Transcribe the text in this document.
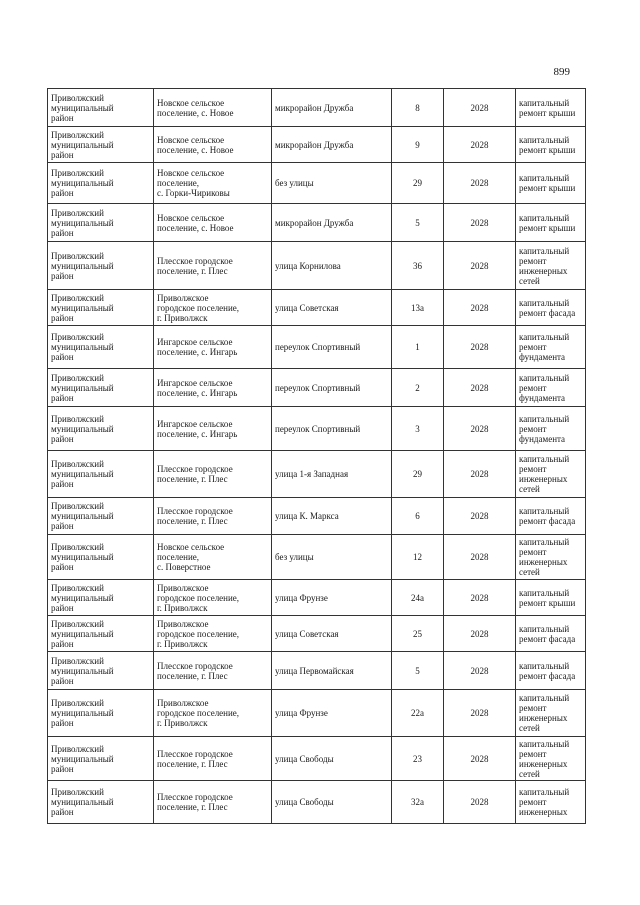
899
Приволжский
муниципальный
район	Новское сельское
поселение, с. Новое	микрорайон Дружба	8	2028	капитальный
ремонт крыши
Приволжский
муниципальный
район	Новское сельское
поселение, с. Новое	микрорайон Дружба	9	2028	капитальный
ремонт крыши
Приволжский
муниципальный
район	Новское сельское
поселение,
с. Горки-Чириковы	без улицы	29	2028	капитальный
ремонт крыши
Приволжский
муниципальный
район	Новское сельское
поселение, с. Новое	микрорайон Дружба	5	2028	капитальный
ремонт крыши
Приволжский
муниципальный
район	Плесское городское
поселение, г. Плес	улица Корнилова	36	2028	капитальный
ремонт
инженерных
сетей
Приволжский
муниципальный
район	Приволжское
городское поселение,
г. Приволжск	улица Советская	13а	2028	капитальный
ремонт фасада
Приволжский
муниципальный
район	Ингарское сельское
поселение, с. Ингарь	переулок Спортивный	1	2028	капитальный
ремонт
фундамента
Приволжский
муниципальный
район	Ингарское сельское
поселение, с. Ингарь	переулок Спортивный	2	2028	капитальный
ремонт
фундамента
Приволжский
муниципальный
район	Ингарское сельское
поселение, с. Ингарь	переулок Спортивный	3	2028	капитальный
ремонт
фундамента
Приволжский
муниципальный
район	Плесское городское
поселение, г. Плес	улица 1-я Западная	29	2028	капитальный
ремонт
инженерных
сетей
Приволжский
муниципальный
район	Плесское городское
поселение, г. Плес	улица К. Маркса	6	2028	капитальный
ремонт фасада
Приволжский
муниципальный
район	Новское сельское
поселение,
с. Поверстное	без улицы	12	2028	капитальный
ремонт
инженерных
сетей
Приволжский
муниципальный
район	Приволжское
городское поселение,
г. Приволжск	улица Фрунзе	24а	2028	капитальный
ремонт крыши
Приволжский
муниципальный
район	Приволжское
городское поселение,
г. Приволжск	улица Советская	25	2028	капитальный
ремонт фасада
Приволжский
муниципальный
район	Плесское городское
поселение, г. Плес	улица Первомайская	5	2028	капитальный
ремонт фасада
Приволжский
муниципальный
район	Приволжское
городское поселение,
г. Приволжск	улица Фрунзе	22а	2028	капитальный
ремонт
инженерных
сетей
Приволжский
муниципальный
район	Плесское городское
поселение, г. Плес	улица Свободы	23	2028	капитальный
ремонт
инженерных
сетей
Приволжский
муниципальный
район	Плесское городское
поселение, г. Плес	улица Свободы	32а	2028	капитальный
ремонт
инженерных
